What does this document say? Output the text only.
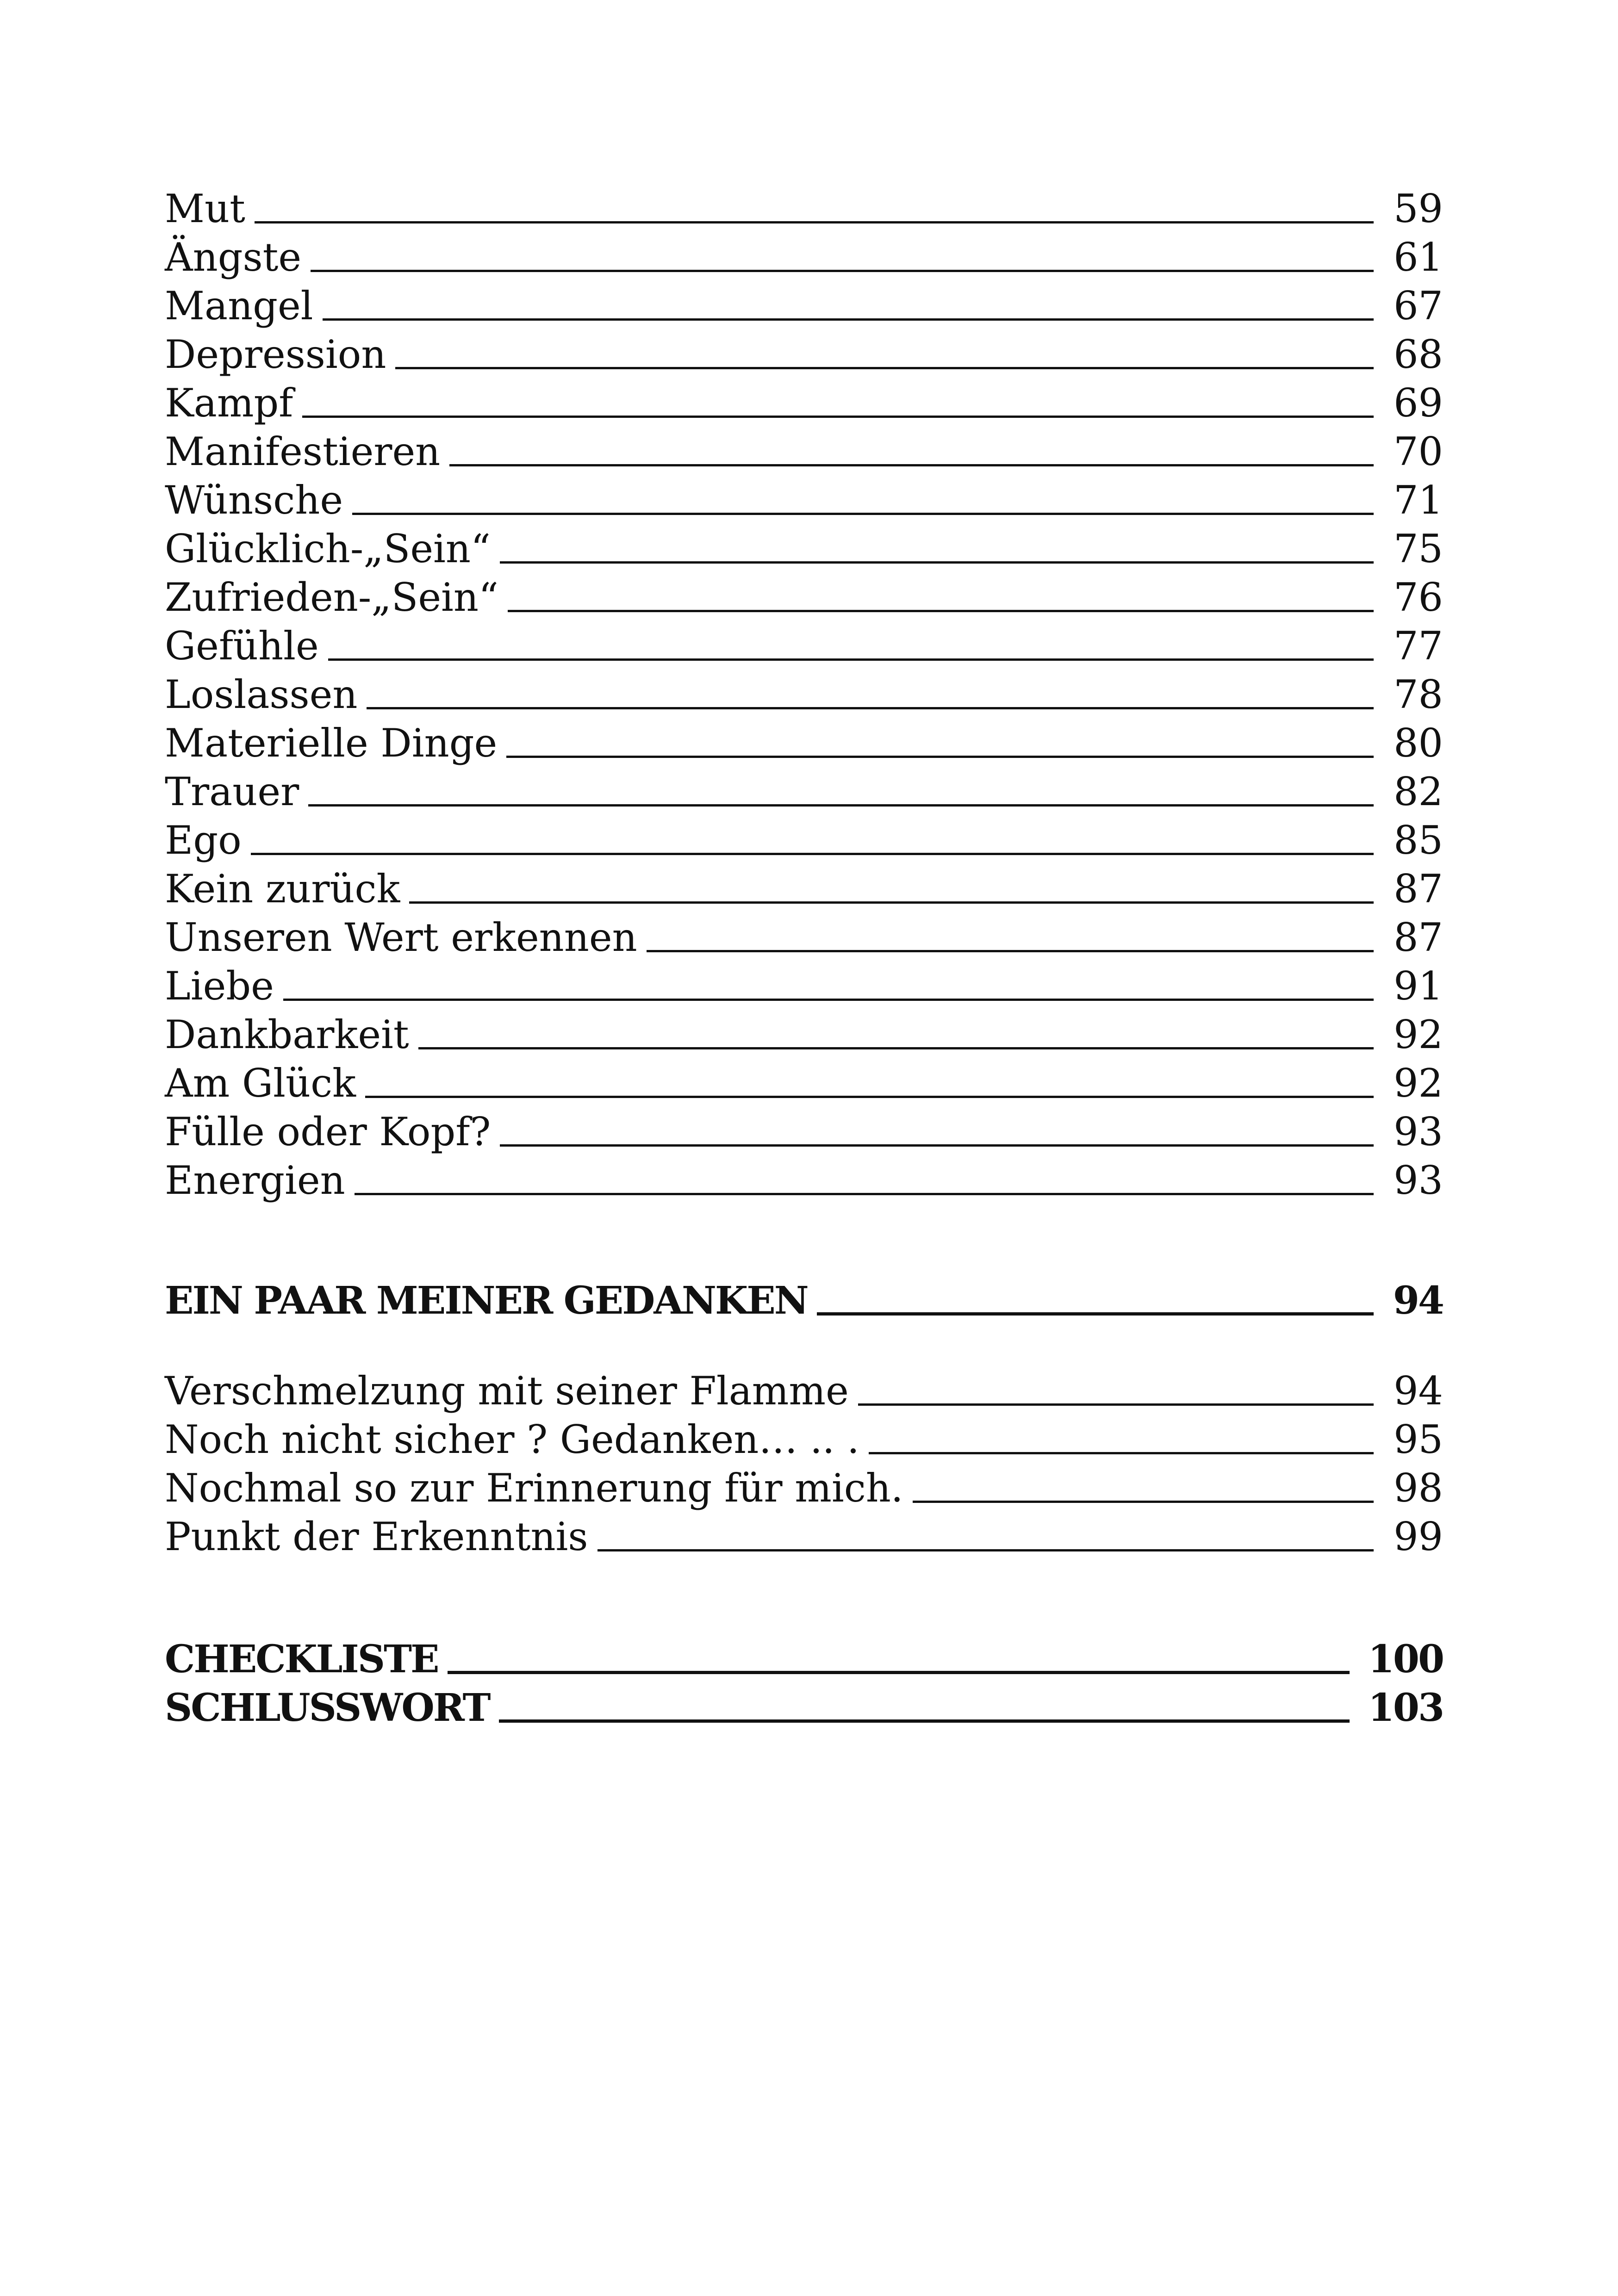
Mut	59
Ängste	61
Mangel	67
Depression	68
Kampf	69
Manifestieren	70
Wünsche	71
Glücklich-„Sein“	75
Zufrieden-„Sein“	76
Gefühle	77
Loslassen	78
Materielle Dinge	80
Trauer	82
Ego	85
Kein zurück	87
Unseren Wert erkennen	87
Liebe	91
Dankbarkeit	92
Am Glück	92
Fülle oder Kopf?	93
Energien	93
EIN PAAR MEINER GEDANKEN	94
Verschmelzung mit seiner Flamme	94
Noch nicht sicher ? Gedanken… .. .	95
Nochmal so zur Erinnerung für mich.	98
Punkt der Erkenntnis	99
CHECKLISTE	100
SCHLUSSWORT	103
